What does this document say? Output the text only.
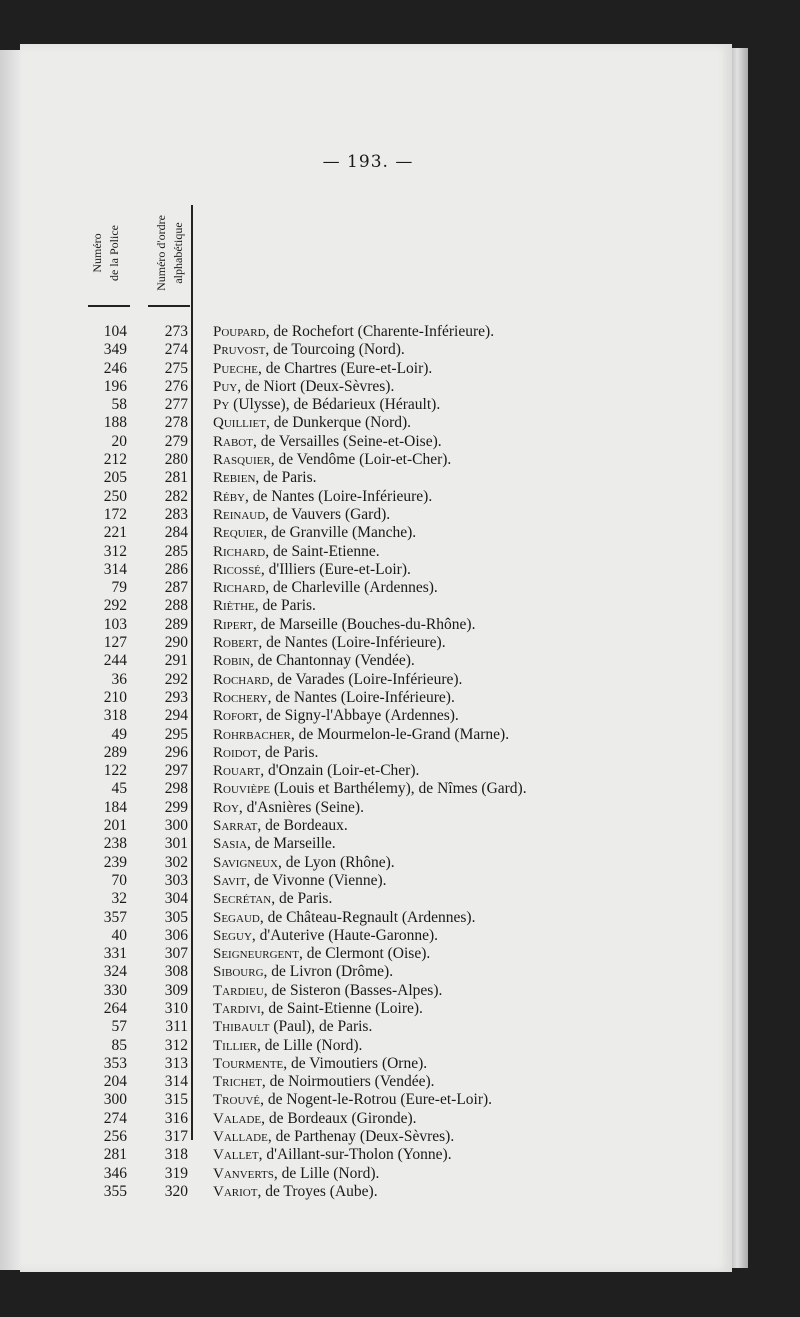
— 193. —
Numéro de la Police	Numéro d'ordre alphabétique
104	273 Poupard, de Rochefort (Charente-Inférieure).
349	274 Pruvost, de Tourcoing (Nord).
246	275 Pueche, de Chartres (Eure-et-Loir).
196	276 Puy, de Niort (Deux-Sèvres).
58	277 Py (Ulysse), de Bédarieux (Hérault).
188	278 Quilliet, de Dunkerque (Nord).
20	279 Rabot, de Versailles (Seine-et-Oise).
212	280 Rasquier, de Vendôme (Loir-et-Cher).
205	281 Rebien, de Paris.
250	282 Réby, de Nantes (Loire-Inférieure).
172	283 Reinaud, de Vauvers (Gard).
221	284 Requier, de Granville (Manche).
312	285 Richard, de Saint-Etienne.
314	286 Ricossé, d'Illiers (Eure-et-Loir).
79	287 Richard, de Charleville (Ardennes).
292	288 Rièthe, de Paris.
103	289 Ripert, de Marseille (Bouches-du-Rhône).
127	290 Robert, de Nantes (Loire-Inférieure).
244	291 Robin, de Chantonnay (Vendée).
36	292 Rochard, de Varades (Loire-Inférieure).
210	293 Rochery, de Nantes (Loire-Inférieure).
318	294 Rofort, de Signy-l'Abbaye (Ardennes).
49	295 Rohrbacher, de Mourmelon-le-Grand (Marne).
289	296 Roidot, de Paris.
122	297 Rouart, d'Onzain (Loir-et-Cher).
45	298 Rouvièpe (Louis et Barthélemy), de Nîmes (Gard).
184	299 Roy, d'Asnières (Seine).
201	300 Sarrat, de Bordeaux.
238	301 Sasia, de Marseille.
239	302 Savigneux, de Lyon (Rhône).
70	303 Savit, de Vivonne (Vienne).
32	304 Secrétan, de Paris.
357	305 Segaud, de Château-Regnault (Ardennes).
40	306 Seguy, d'Auterive (Haute-Garonne).
331	307 Seigneurgent, de Clermont (Oise).
324	308 Sibourg, de Livron (Drôme).
330	309 Tardieu, de Sisteron (Basses-Alpes).
264	310 Tardivi, de Saint-Etienne (Loire).
57	311 Thibault (Paul), de Paris.
85	312 Tillier, de Lille (Nord).
353	313 Tourmente, de Vimoutiers (Orne).
204	314 Trichet, de Noirmoutiers (Vendée).
300	315 Trouvé, de Nogent-le-Rotrou (Eure-et-Loir).
274	316 Valade, de Bordeaux (Gironde).
256	317 Vallade, de Parthenay (Deux-Sèvres).
281	318 Vallet, d'Aillant-sur-Tholon (Yonne).
346	319 Vanverts, de Lille (Nord).
355	320 Variot, de Troyes (Aube).
